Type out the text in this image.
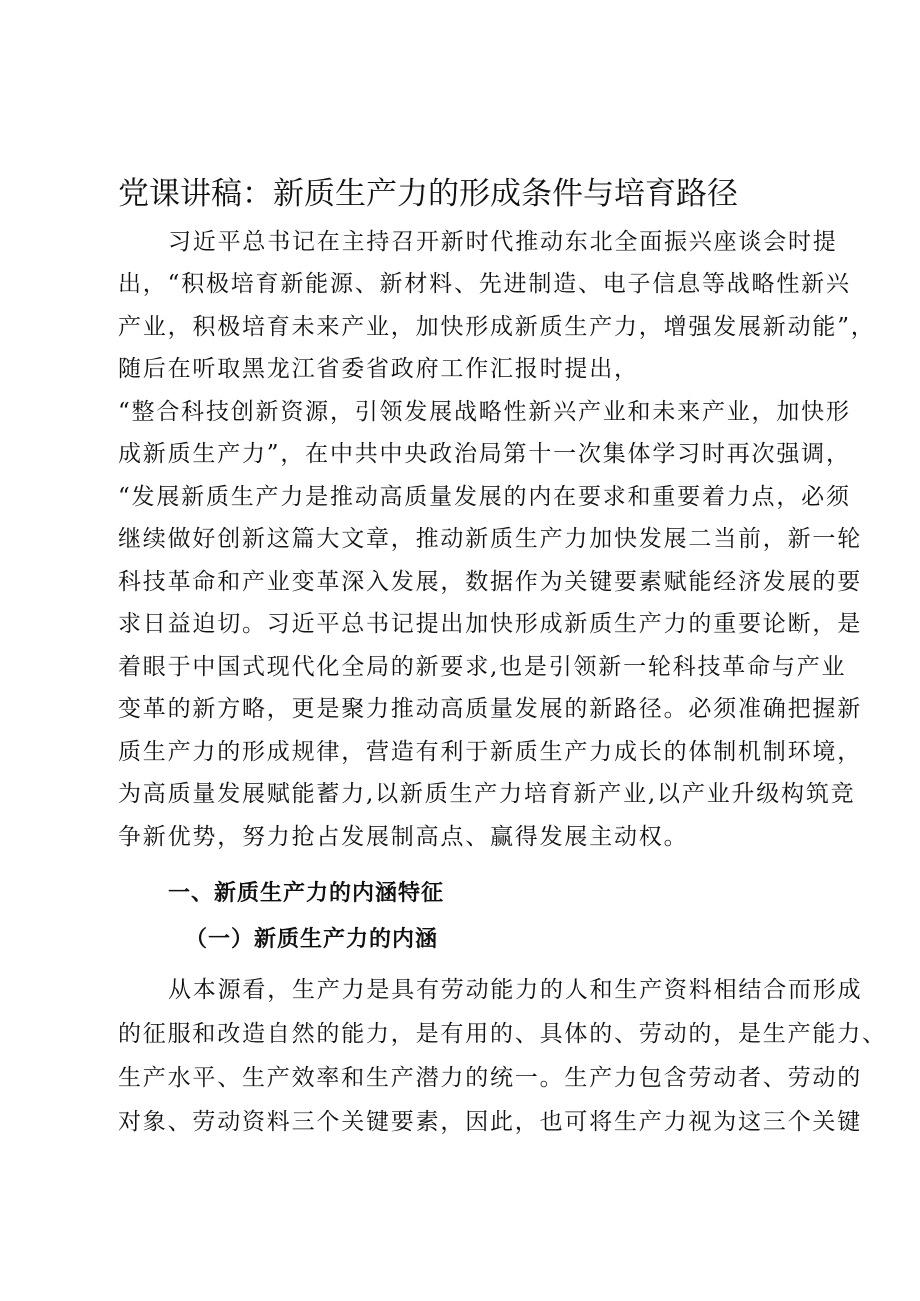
党课讲稿：新质生产力的形成条件与培育路径
习近平总书记在主持召开新时代推动东北全面振兴座谈会时提
出，“积极培育新能源、新材料、先进制造、电子信息等战略性新兴
产业，积极培育未来产业，加快形成新质生产力，增强发展新动能”，
随后在听取黑龙江省委省政府工作汇报时提出，
“整合科技创新资源，引领发展战略性新兴产业和未来产业，加快形
成新质生产力”，在中共中央政治局第十一次集体学习时再次强调，
“发展新质生产力是推动高质量发展的内在要求和重要着力点，必须
继续做好创新这篇大文章，推动新质生产力加快发展二当前，新一轮
科技革命和产业变革深入发展，数据作为关键要素赋能经济发展的要
求日益迫切。习近平总书记提出加快形成新质生产力的重要论断，是
着眼于中国式现代化全局的新要求,也是引领新一轮科技革命与产业
变革的新方略，更是聚力推动高质量发展的新路径。必须准确把握新
质生产力的形成规律，营造有利于新质生产力成长的体制机制环境，
为高质量发展赋能蓄力,以新质生产力培育新产业,以产业升级构筑竞
争新优势，努力抢占发展制高点、赢得发展主动权。
一、新质生产力的内涵特征
（一）新质生产力的内涵
从本源看，生产力是具有劳动能力的人和生产资料相结合而形成
的征服和改造自然的能力，是有用的、具体的、劳动的，是生产能力、
生产水平、生产效率和生产潜力的统一。生产力包含劳动者、劳动的
对象、劳动资料三个关键要素，因此，也可将生产力视为这三个关键
